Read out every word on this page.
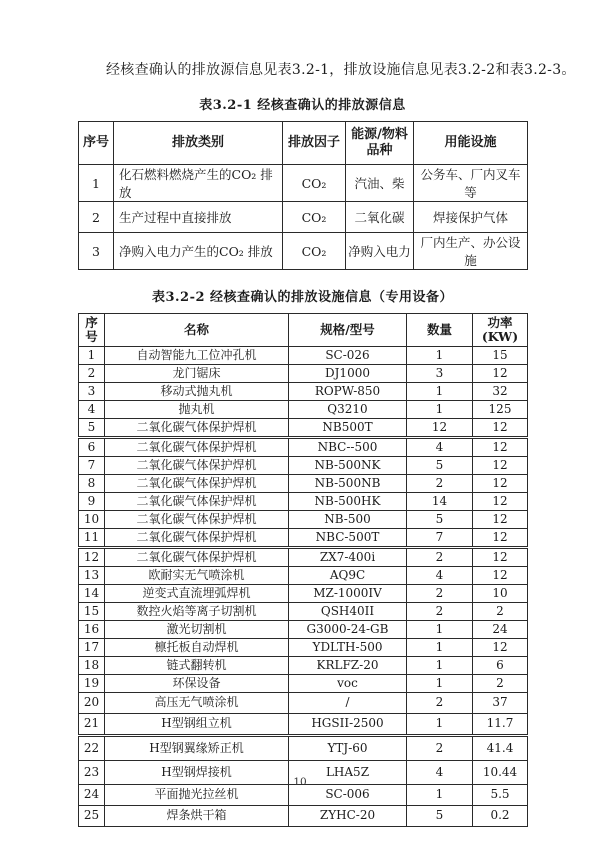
经核查确认的排放源信息见表3.2-1，排放设施信息见表3.2-2和表3.2-3。

表3.2-1 经核查确认的排放源信息
序号	排放类别	排放因子	能源/物料品种	用能设施
1	化石燃料燃烧产生的CO₂ 排放	CO₂	汽油、柴	公务车、厂内叉车等
2	生产过程中直接排放	CO₂	二氧化碳	焊接保护气体
3	净购入电力产生的CO₂ 排放	CO₂	净购入电力	厂内生产、办公设施
表3.2-2 经核查确认的排放设施信息（专用设备）
序号	名称	规格/型号	数量	功率(KW)
1	自动智能九工位冲孔机	SC-026	1	15
2	龙门锯床	DJ1000	3	12
3	移动式抛丸机	ROPW-850	1	32
4	抛丸机	Q3210	1	125
5	二氧化碳气体保护焊机	NB500T	12	12
6	二氧化碳气体保护焊机	NBC--500	4	12
7	二氧化碳气体保护焊机	NB-500NK	5	12
8	二氧化碳气体保护焊机	NB-500NB	2	12
9	二氧化碳气体保护焊机	NB-500HK	14	12
10	二氧化碳气体保护焊机	NB-500	5	12
11	二氧化碳气体保护焊机	NBC-500T	7	12
12	二氧化碳气体保护焊机	ZX7-400i	2	12
13	欧耐实无气喷涂机	AQ9C	4	12
14	逆变式直流埋弧焊机	MZ-1000IV	2	10
15	数控火焰等离子切割机	QSH40II	2	2
16	激光切割机	G3000-24-GB	1	24
17	檩托板自动焊机	YDLTH-500	1	12
18	链式翻转机	KRLFZ-20	1	6
19	环保设备	voc	1	2
20	高压无气喷涂机	/	2	37
21	H型钢组立机	HGSII-2500	1	11.7
22	H型钢翼缘矫正机	YTJ-60	2	41.4
23	H型钢焊接机	LHA5Z	4	10.44
24	平面抛光拉丝机	SC-006	1	5.5
25	焊条烘干箱	ZYHC-20	5	0.2
10
